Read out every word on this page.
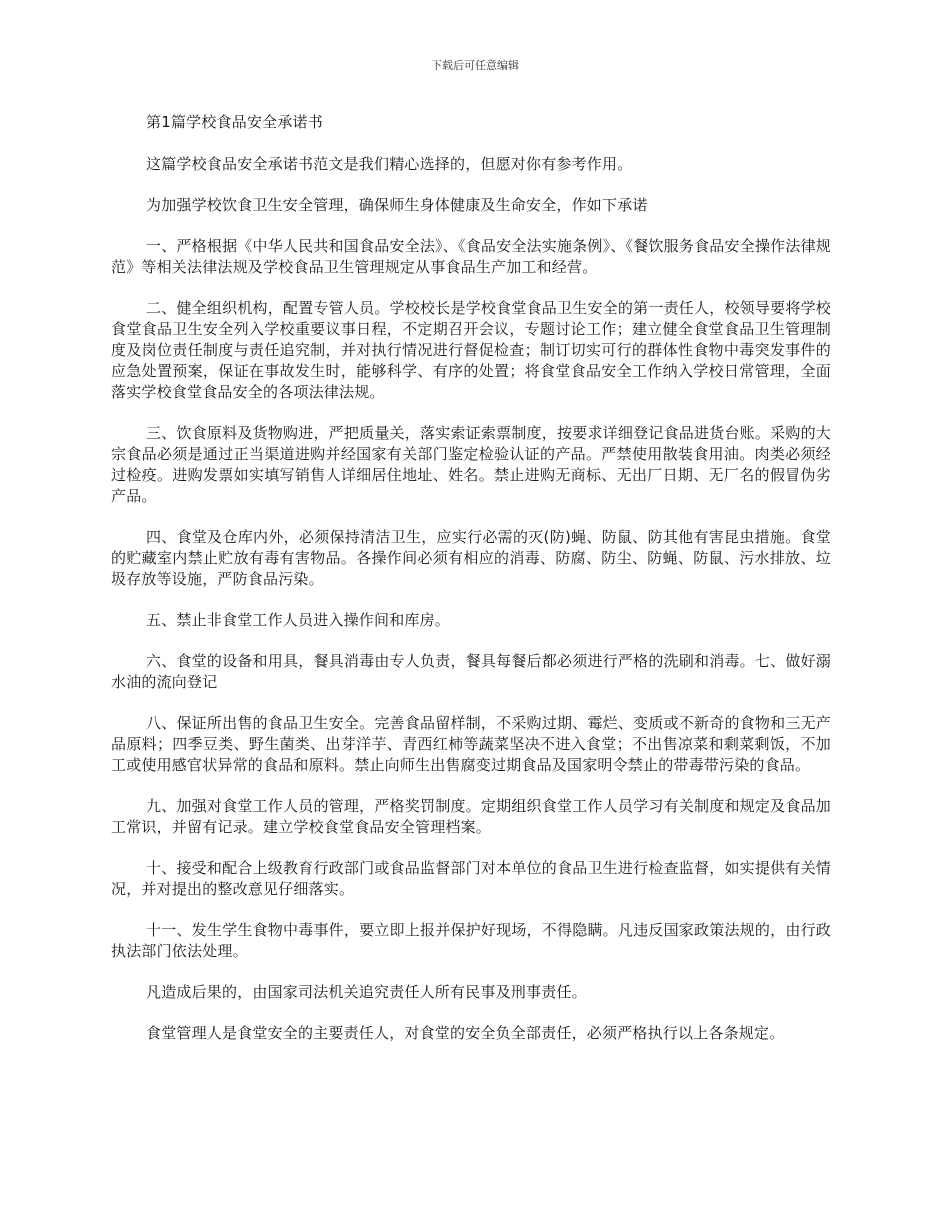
下载后可任意编辑

第1篇学校食品安全承诺书

这篇学校食品安全承诺书范文是我们精心选择的，但愿对你有参考作用。

为加强学校饮食卫生安全管理，确保师生身体健康及生命安全，作如下承诺

一、严格根据《中华人民共和国食品安全法》、《食品安全法实施条例》、《餐饮服务食品安全操作法律规范》等相关法律法规及学校食品卫生管理规定从事食品生产加工和经营。

二、健全组织机构，配置专管人员。学校校长是学校食堂食品卫生安全的第一责任人，校领导要将学校食堂食品卫生安全列入学校重要议事日程，不定期召开会议，专题讨论工作；建立健全食堂食品卫生管理制度及岗位责任制度与责任追究制，并对执行情况进行督促检查；制订切实可行的群体性食物中毒突发事件的应急处置预案，保证在事故发生时，能够科学、有序的处置；将食堂食品安全工作纳入学校日常管理，全面落实学校食堂食品安全的各项法律法规。

三、饮食原料及货物购进，严把质量关，落实索证索票制度，按要求详细登记食品进货台账。采购的大宗食品必须是通过正当渠道进购并经国家有关部门鉴定检验认证的产品。严禁使用散装食用油。肉类必须经过检疫。进购发票如实填写销售人详细居住地址、姓名。禁止进购无商标、无出厂日期、无厂名的假冒伪劣产品。

四、食堂及仓库内外，必须保持清洁卫生，应实行必需的灭(防)蝇、防鼠、防其他有害昆虫措施。食堂的贮藏室内禁止贮放有毒有害物品。各操作间必须有相应的消毒、防腐、防尘、防蝇、防鼠、污水排放、垃圾存放等设施，严防食品污染。

五、禁止非食堂工作人员进入操作间和库房。

六、食堂的设备和用具，餐具消毒由专人负责，餐具每餐后都必须进行严格的洗刷和消毒。七、做好溺水油的流向登记

八、保证所出售的食品卫生安全。完善食品留样制，不采购过期、霉烂、变质或不新奇的食物和三无产品原料；四季豆类、野生菌类、出芽洋芋、青西红柿等蔬菜坚决不进入食堂；不出售凉菜和剩菜剩饭，不加工或使用感官状异常的食品和原料。禁止向师生出售腐变过期食品及国家明令禁止的带毒带污染的食品。

九、加强对食堂工作人员的管理，严格奖罚制度。定期组织食堂工作人员学习有关制度和规定及食品加工常识，并留有记录。建立学校食堂食品安全管理档案。

十、接受和配合上级教育行政部门或食品监督部门对本单位的食品卫生进行检查监督，如实提供有关情况，并对提出的整改意见仔细落实。

十一、发生学生食物中毒事件，要立即上报并保护好现场，不得隐瞒。凡违反国家政策法规的，由行政执法部门依法处理。

凡造成后果的，由国家司法机关追究责任人所有民事及刑事责任。

食堂管理人是食堂安全的主要责任人，对食堂的安全负全部责任，必须严格执行以上各条规定。
